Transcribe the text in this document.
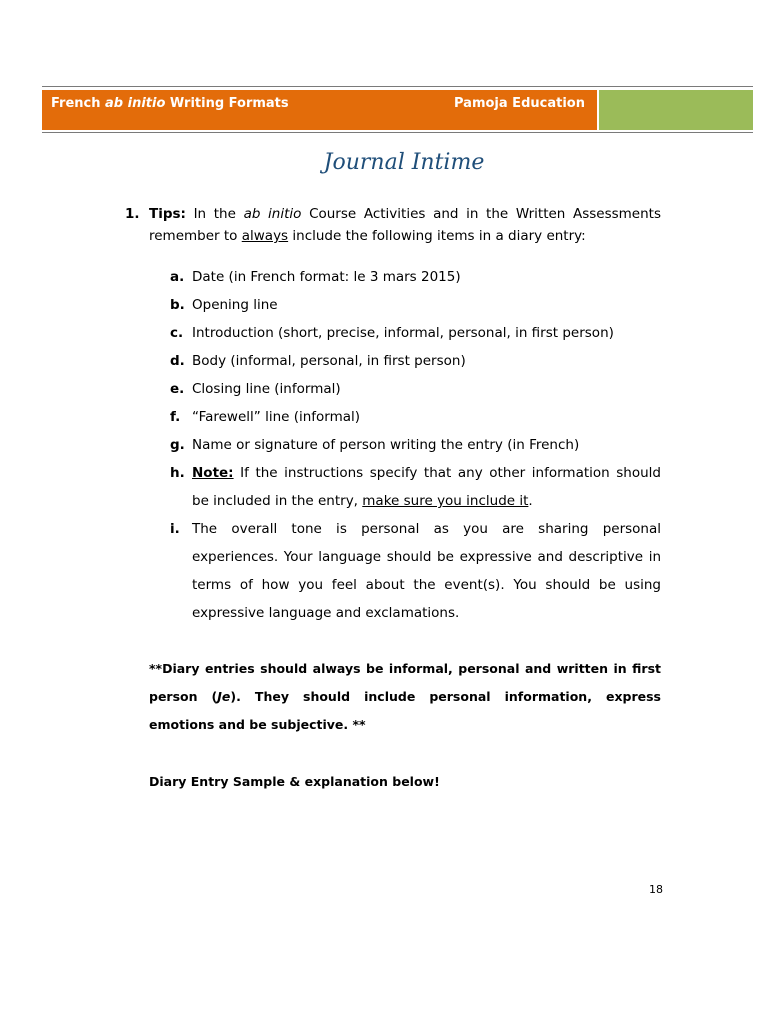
French ab initio Writing Formats	Pamoja Education
Journal Intime
1. Tips: In the ab initio Course Activities and in the Written Assessments remember to always include the following items in a diary entry:
a. Date (in French format: le 3 mars 2015)
b. Opening line
c. Introduction (short, precise, informal, personal, in first person)
d. Body (informal, personal, in first person)
e. Closing line (informal)
f. “Farewell” line (informal)
g. Name or signature of person writing the entry (in French)
h. Note: If the instructions specify that any other information should be included in the entry, make sure you include it.
i. The overall tone is personal as you are sharing personal experiences. Your language should be expressive and descriptive in terms of how you feel about the event(s). You should be using expressive language and exclamations.
**Diary entries should always be informal, personal and written in first person (Je). They should include personal information, express emotions and be subjective. **
Diary Entry Sample & explanation below!
18
